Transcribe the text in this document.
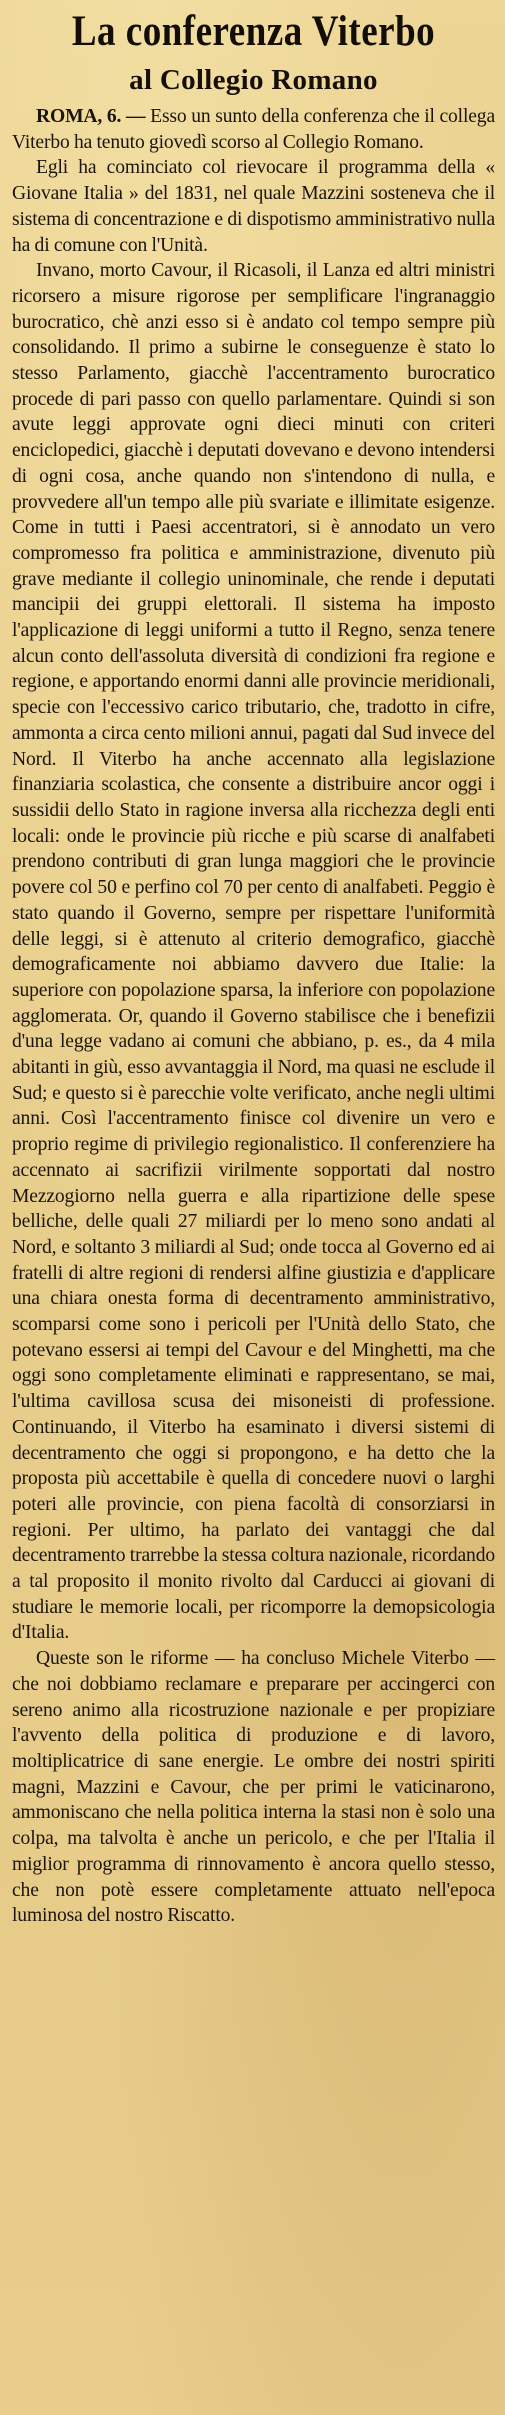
La conferenza Viterbo
al Collegio Romano

ROMA, 6. — Esso un sunto della conferenza che il collega Viterbo ha tenuto giovedì scorso al Collegio Romano.

Egli ha cominciato col rievocare il programma della « Giovane Italia » del 1831, nel quale Mazzini sosteneva che il sistema di concentrazione e di dispotismo amministrativo nulla ha di comune con l'Unità.

Invano, morto Cavour, il Ricasoli, il Lanza ed altri ministri ricorsero a misure rigorose per semplificare l'ingranaggio burocratico, chè anzi esso si è andato col tempo sempre più consolidando. Il primo a subirne le conseguenze è stato lo stesso Parlamento, giacchè l'accentramento burocratico procede di pari passo con quello parlamentare. Quindi si son avute leggi approvate ogni dieci minuti con criteri enciclopedici, giacchè i deputati dovevano e devono intendersi di ogni cosa, anche quando non s'intendono di nulla, e provvedere all'un tempo alle più svariate e illimitate esigenze. Come in tutti i Paesi accentratori, si è annodato un vero compromesso fra politica e amministrazione, divenuto più grave mediante il collegio uninominale, che rende i deputati mancipii dei gruppi elettorali. Il sistema ha imposto l'applicazione di leggi uniformi a tutto il Regno, senza tenere alcun conto dell'assoluta diversità di condizioni fra regione e regione, e apportando enormi danni alle provincie meridionali, specie con l'eccessivo carico tributario, che, tradotto in cifre, ammonta a circa cento milioni annui, pagati dal Sud invece del Nord. Il Viterbo ha anche accennato alla legislazione finanziaria scolastica, che consente a distribuire ancor oggi i sussidii dello Stato in ragione inversa alla ricchezza degli enti locali: onde le provincie più ricche e più scarse di analfabeti prendono contributi di gran lunga maggiori che le provincie povere col 50 e perfino col 70 per cento di analfabeti. Peggio è stato quando il Governo, sempre per rispettare l'uniformità delle leggi, si è attenuto al criterio demografico, giacchè demograficamente noi abbiamo davvero due Italie: la superiore con popolazione sparsa, la inferiore con popolazione agglomerata. Or, quando il Governo stabilisce che i benefizii d'una legge vadano ai comuni che abbiano, p. es., da 4 mila abitanti in giù, esso avvantaggia il Nord, ma quasi ne esclude il Sud; e questo si è parecchie volte verificato, anche negli ultimi anni. Così l'accentramento finisce col divenire un vero e proprio regime di privilegio regionalistico. Il conferenziere ha accennato ai sacrifizii virilmente sopportati dal nostro Mezzogiorno nella guerra e alla ripartizione delle spese belliche, delle quali 27 miliardi per lo meno sono andati al Nord, e soltanto 3 miliardi al Sud; onde tocca al Governo ed ai fratelli di altre regioni di rendersi alfine giustizia e d'applicare una chiara onesta forma di decentramento amministrativo, scomparsi come sono i pericoli per l'Unità dello Stato, che potevano essersi ai tempi del Cavour e del Minghetti, ma che oggi sono completamente eliminati e rappresentano, se mai, l'ultima cavillosa scusa dei misoneisti di professione. Continuando, il Viterbo ha esaminato i diversi sistemi di decentramento che oggi si propongono, e ha detto che la proposta più accettabile è quella di concedere nuovi o larghi poteri alle provincie, con piena facoltà di consorziarsi in regioni. Per ultimo, ha parlato dei vantaggi che dal decentramento trarrebbe la stessa coltura nazionale, ricordando a tal proposito il monito rivolto dal Carducci ai giovani di studiare le memorie locali, per ricomporre la demopsicologia d'Italia.

Queste son le riforme — ha concluso Michele Viterbo — che noi dobbiamo reclamare e preparare per accingerci con sereno animo alla ricostruzione nazionale e per propiziare l'avvento della politica di produzione e di lavoro, moltiplicatrice di sane energie. Le ombre dei nostri spiriti magni, Mazzini e Cavour, che per primi le vaticinarono, ammoniscano che nella politica interna la stasi non è solo una colpa, ma talvolta è anche un pericolo, e che per l'Italia il miglior programma di rinnovamento è ancora quello stesso, che non potè essere completamente attuato nell'epoca luminosa del nostro Riscatto.
